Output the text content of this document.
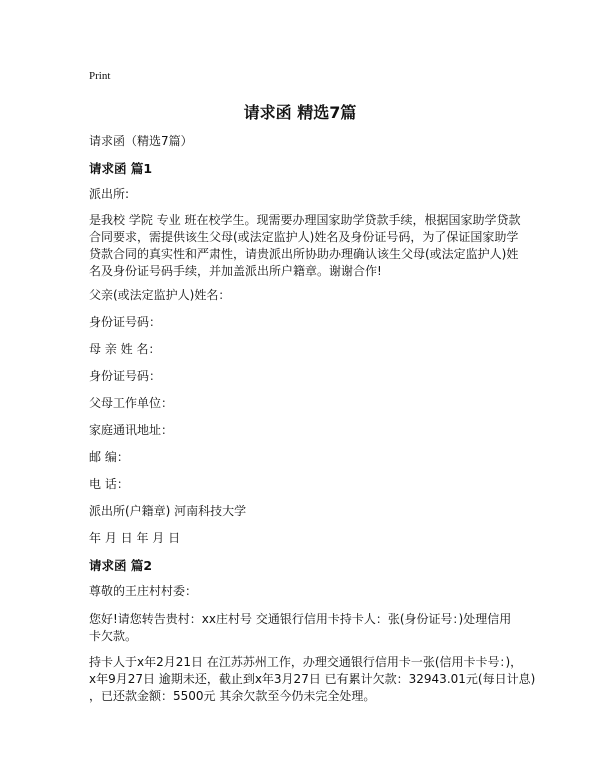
Print
请求函 精选7篇
请求函（精选7篇）
请求函 篇1
派出所:
是我校 学院 专业 班在校学生。现需要办理国家助学贷款手续，根据国家助学贷款
合同要求，需提供该生父母(或法定监护人)姓名及身份证号码，为了保证国家助学
贷款合同的真实性和严肃性，请贵派出所协助办理确认该生父母(或法定监护人)姓
名及身份证号码手续，并加盖派出所户籍章。谢谢合作!
父亲(或法定监护人)姓名：
身份证号码：
母 亲 姓 名：
身份证号码：
父母工作单位：
家庭通讯地址：
邮 编：
电 话：
派出所(户籍章) 河南科技大学
年 月 日 年 月 日
请求函 篇2
尊敬的王庄村村委：
您好!请您转告贵村：xx庄村号 交通银行信用卡持卡人：张(身份证号：)处理信用
卡欠款。
持卡人于x年2月21日 在江苏苏州工作，办理交通银行信用卡一张(信用卡卡号：)，
x年9月27日 逾期未还，截止到x年3月27日 已有累计欠款：32943.01元(每日计息)
，已还款金额：5500元 其余欠款至今仍未完全处理。
